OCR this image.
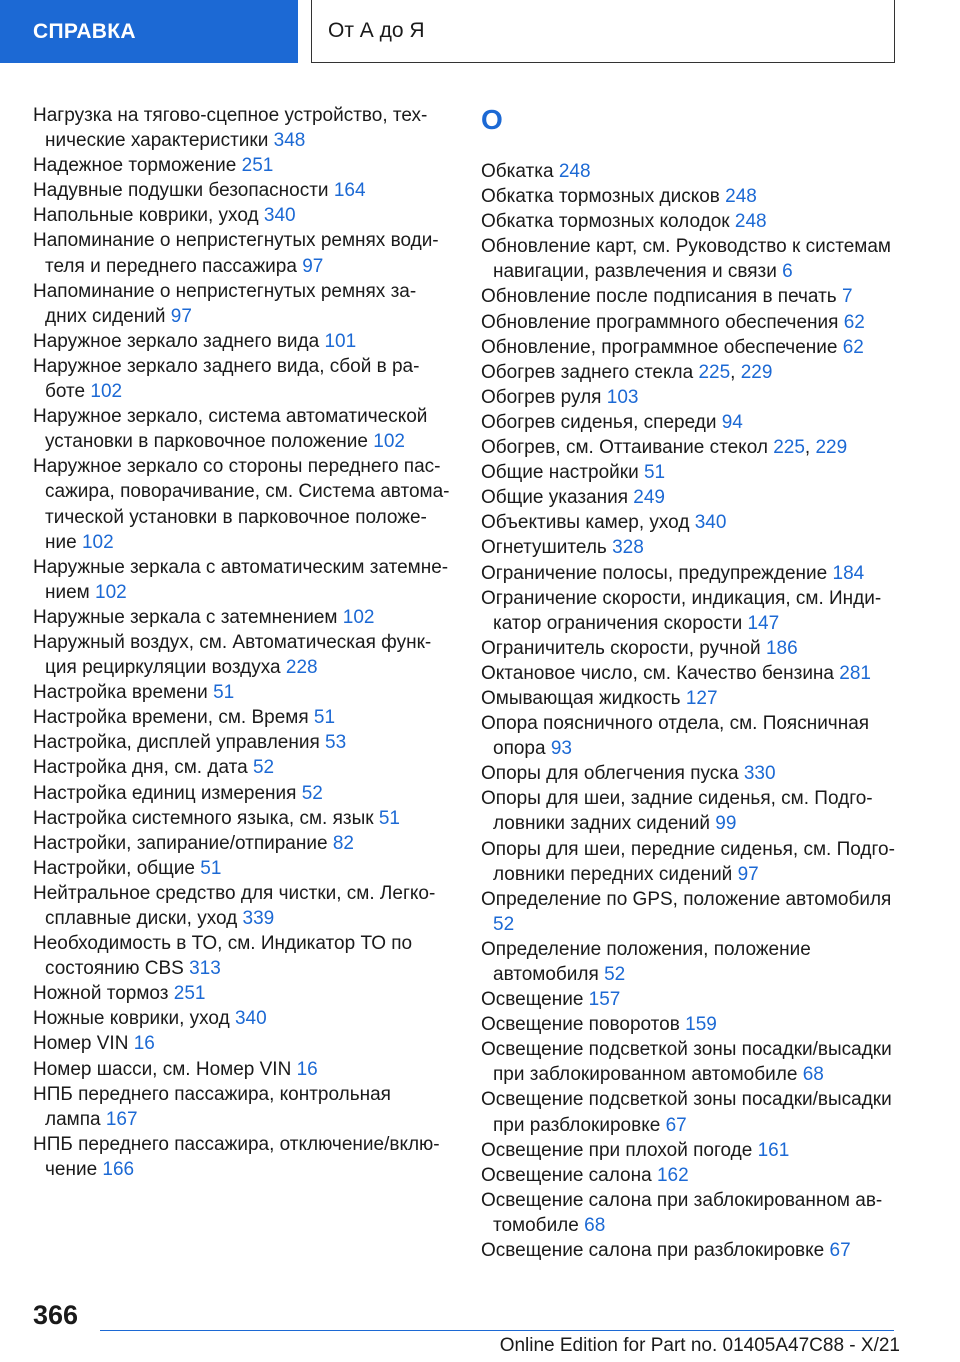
СПРАВКА	От А до Я
Нагрузка на тягово-сцепное устройство, тех-нические характеристики 348
Надежное торможение 251
Надувные подушки безопасности 164
Напольные коврики, уход 340
Напоминание о непристегнутых ремнях води-теля и переднего пассажира 97
Напоминание о непристегнутых ремнях за-дних сидений 97
Наружное зеркало заднего вида 101
Наружное зеркало заднего вида, сбой в ра-боте 102
Наружное зеркало, система автоматической установки в парковочное положение 102
Наружное зеркало со стороны переднего пас-сажира, поворачивание, см. Система автома-тической установки в парковочное положе-ние 102
Наружные зеркала с автоматическим затемне-нием 102
Наружные зеркала с затемнением 102
Наружный воздух, см. Автоматическая функ-ция рециркуляции воздуха 228
Настройка времени 51
Настройка времени, см. Время 51
Настройка, дисплей управления 53
Настройка дня, см. дата 52
Настройка единиц измерения 52
Настройка системного языка, см. язык 51
Настройки, запирание/отпирание 82
Настройки, общие 51
Нейтральное средство для чистки, см. Легко-сплавные диски, уход 339
Необходимость в ТО, см. Индикатор ТО по состоянию CBS 313
Ножной тормоз 251
Ножные коврики, уход 340
Номер VIN 16
Номер шасси, см. Номер VIN 16
НПБ переднего пассажира, контрольная лампа 167
НПБ переднего пассажира, отключение/вклю-чение 166
О
Обкатка 248
Обкатка тормозных дисков 248
Обкатка тормозных колодок 248
Обновление карт, см. Руководство к системам навигации, развлечения и связи 6
Обновление после подписания в печать 7
Обновление программного обеспечения 62
Обновление, программное обеспечение 62
Обогрев заднего стекла 225, 229
Обогрев руля 103
Обогрев сиденья, спереди 94
Обогрев, см. Оттаивание стекол 225, 229
Общие настройки 51
Общие указания 249
Объективы камер, уход 340
Огнетушитель 328
Ограничение полосы, предупреждение 184
Ограничение скорости, индикация, см. Инди-катор ограничения скорости 147
Ограничитель скорости, ручной 186
Октановое число, см. Качество бензина 281
Омывающая жидкость 127
Опора поясничного отдела, см. Поясничная опора 93
Опоры для облегчения пуска 330
Опоры для шеи, задние сиденья, см. Подго-ловники задних сидений 99
Опоры для шеи, передние сиденья, см. Подго-ловники передних сидений 97
Определение по GPS, положение автомобиля 52
Определение положения, положение автомобиля 52
Освещение 157
Освещение поворотов 159
Освещение подсветкой зоны посадки/высадки при заблокированном автомобиле 68
Освещение подсветкой зоны посадки/высадки при разблокировке 67
Освещение при плохой погоде 161
Освещение салона 162
Освещение салона при заблокированном ав-томобиле 68
Освещение салона при разблокировке 67
366
Online Edition for Part no. 01405A47C88 - X/21
